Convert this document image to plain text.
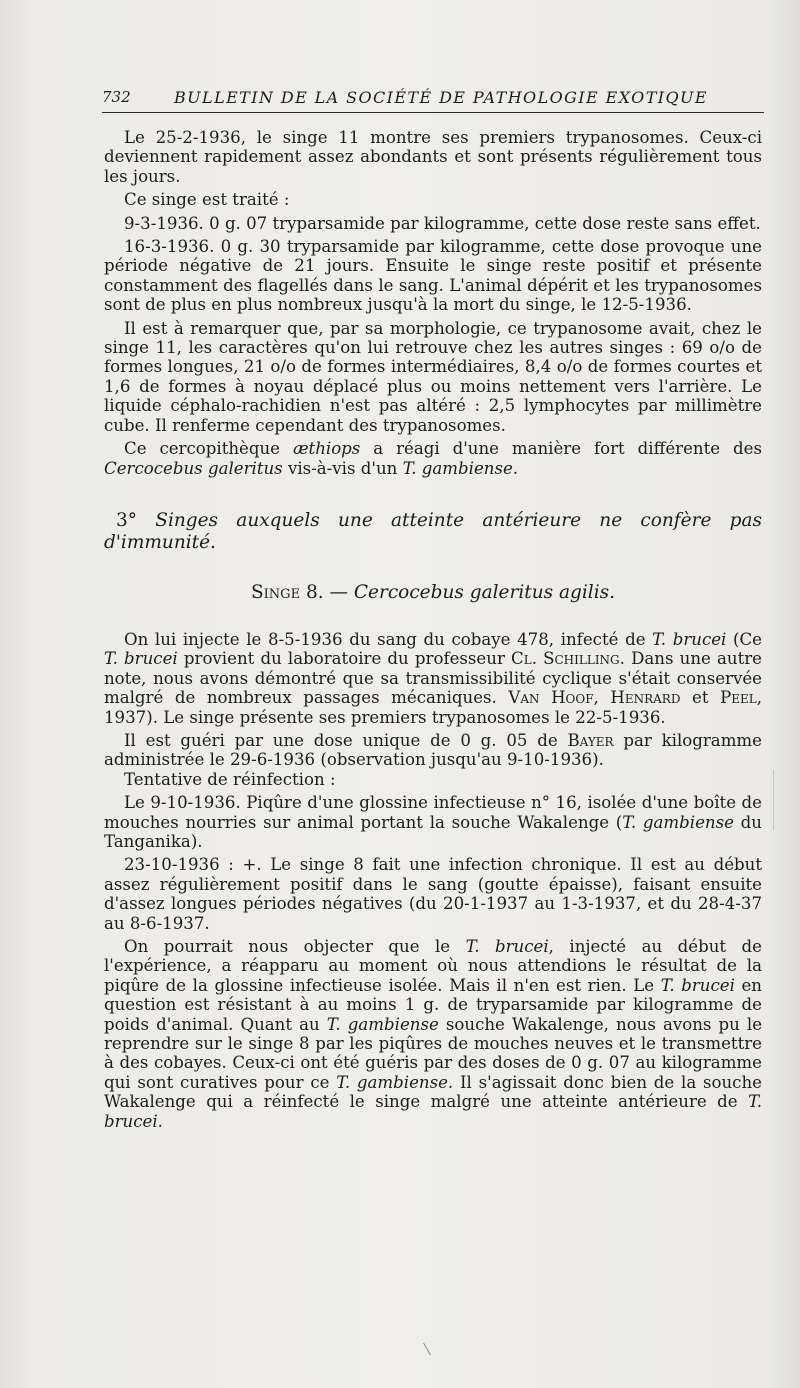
732	BULLETIN DE LA SOCIÉTÉ DE PATHOLOGIE EXOTIQUE

Le 25-2-1936, le singe 11 montre ses premiers trypanosomes. Ceux-ci deviennent rapidement assez abondants et sont présents régulièrement tous les jours.

Ce singe est traité :

9-3-1936. 0 g. 07 tryparsamide par kilogramme, cette dose reste sans effet.

16-3-1936. 0 g. 30 tryparsamide par kilogramme, cette dose provoque une période négative de 21 jours. Ensuite le singe reste positif et présente constamment des flagellés dans le sang. L'animal dépérit et les trypanosomes sont de plus en plus nombreux jusqu'à la mort du singe, le 12-5-1936.

Il est à remarquer que, par sa morphologie, ce trypanosome avait, chez le singe 11, les caractères qu'on lui retrouve chez les autres singes : 69 o/o de formes longues, 21 o/o de formes intermédiaires, 8,4 o/o de formes courtes et 1,6 de formes à noyau déplacé plus ou moins nettement vers l'arrière. Le liquide céphalo-rachidien n'est pas altéré : 2,5 lymphocytes par millimètre cube. Il renferme cependant des trypanosomes.

Ce cercopithèque æthiops a réagi d'une manière fort différente des Cercocebus galeritus vis-à-vis d'un T. gambiense.

3° Singes auxquels une atteinte antérieure ne confère pas d'immunité.
Singe 8. — Cercocebus galeritus agilis.

On lui injecte le 8-5-1936 du sang du cobaye 478, infecté de T. brucei (Ce T. brucei provient du laboratoire du professeur Cl. Schilling. Dans une autre note, nous avons démontré que sa transmissibilité cyclique s'était conservée malgré de nombreux passages mécaniques. Van Hoof, Henrard et Peel, 1937). Le singe présente ses premiers trypanosomes le 22-5-1936.

Il est guéri par une dose unique de 0 g. 05 de Bayer par kilogramme administrée le 29-6-1936 (observation jusqu'au 9-10-1936).

Tentative de réinfection :

Le 9-10-1936. Piqûre d'une glossine infectieuse n° 16, isolée d'une boîte de mouches nourries sur animal portant la souche Wakalenge (T. gambiense du Tanganika).

23-10-1936 : +. Le singe 8 fait une infection chronique. Il est au début assez régulièrement positif dans le sang (goutte épaisse), faisant ensuite d'assez longues périodes négatives (du 20-1-1937 au 1-3-1937, et du 28-4-37 au 8-6-1937.

On pourrait nous objecter que le T. brucei, injecté au début de l'expérience, a réapparu au moment où nous attendions le résultat de la piqûre de la glossine infectieuse isolée. Mais il n'en est rien. Le T. brucei en question est résistant à au moins 1 g. de tryparsamide par kilogramme de poids d'animal. Quant au T. gambiense souche Wakalenge, nous avons pu le reprendre sur le singe 8 par les piqûres de mouches neuves et le transmettre à des cobayes. Ceux-ci ont été guéris par des doses de 0 g. 07 au kilogramme qui sont curatives pour ce T. gambiense. Il s'agissait donc bien de la souche Wakalenge qui a réinfecté le singe malgré une atteinte antérieure de T. brucei.
